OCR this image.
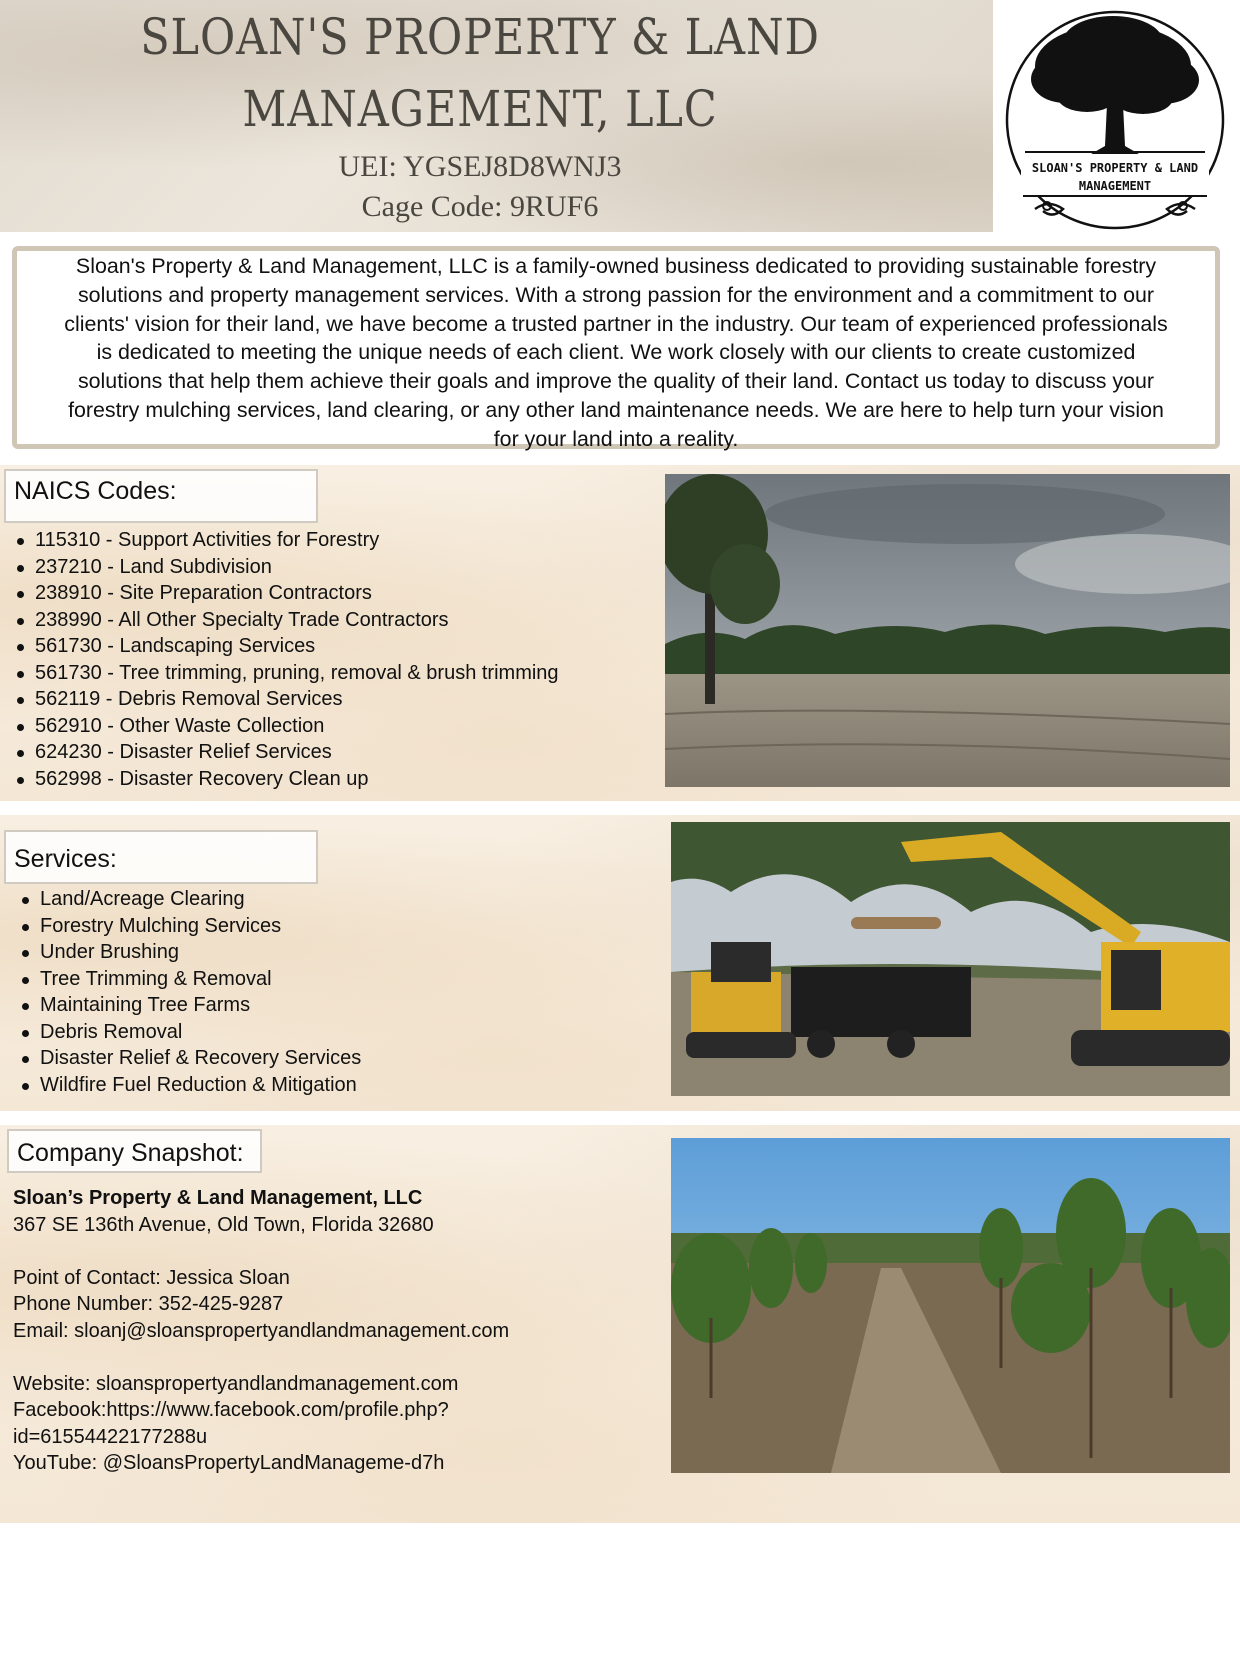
SLOAN'S PROPERTY & LAND
MANAGEMENT, LLC
UEI: YGSEJ8D8WNJ3
Cage Code: 9RUF6
SLOAN'S PROPERTY & LAND
MANAGEMENT
Sloan's Property & Land Management, LLC is a family-owned business dedicated to providing sustainable forestry
solutions and property management services. With a strong passion for the environment and a commitment to our
clients' vision for their land, we have become a trusted partner in the industry. Our team of experienced professionals
is dedicated to meeting the unique needs of each client. We work closely with our clients to create customized
solutions that help them achieve their goals and improve the quality of their land. Contact us today to discuss your
forestry mulching services, land clearing, or any other land maintenance needs. We are here to help turn your vision
for your land into a reality.
NAICS Codes:
115310 - Support Activities for Forestry
237210 - Land Subdivision
238910 - Site Preparation Contractors
238990 - All Other Specialty Trade Contractors
561730 - Landscaping Services
561730 - Tree trimming, pruning, removal & brush trimming
562119 - Debris Removal Services
562910 - Other Waste Collection
624230 - Disaster Relief Services
562998 - Disaster Recovery Clean up
Services:
Land/Acreage Clearing
Forestry Mulching Services
Under Brushing
Tree Trimming & Removal
Maintaining Tree Farms
Debris Removal
Disaster Relief & Recovery Services
Wildfire Fuel Reduction & Mitigation
Company Snapshot:
Sloan’s Property & Land Management, LLC
367 SE 136th Avenue, Old Town, Florida 32680
Point of Contact: Jessica Sloan
Phone Number: 352-425-9287
Email: sloanj@sloanspropertyandlandmanagement.com
Website: sloanspropertyandlandmanagement.com
Facebook:https://www.facebook.com/profile.php?
id=61554422177288u
YouTube: @SloansPropertyLandManageme-d7h
